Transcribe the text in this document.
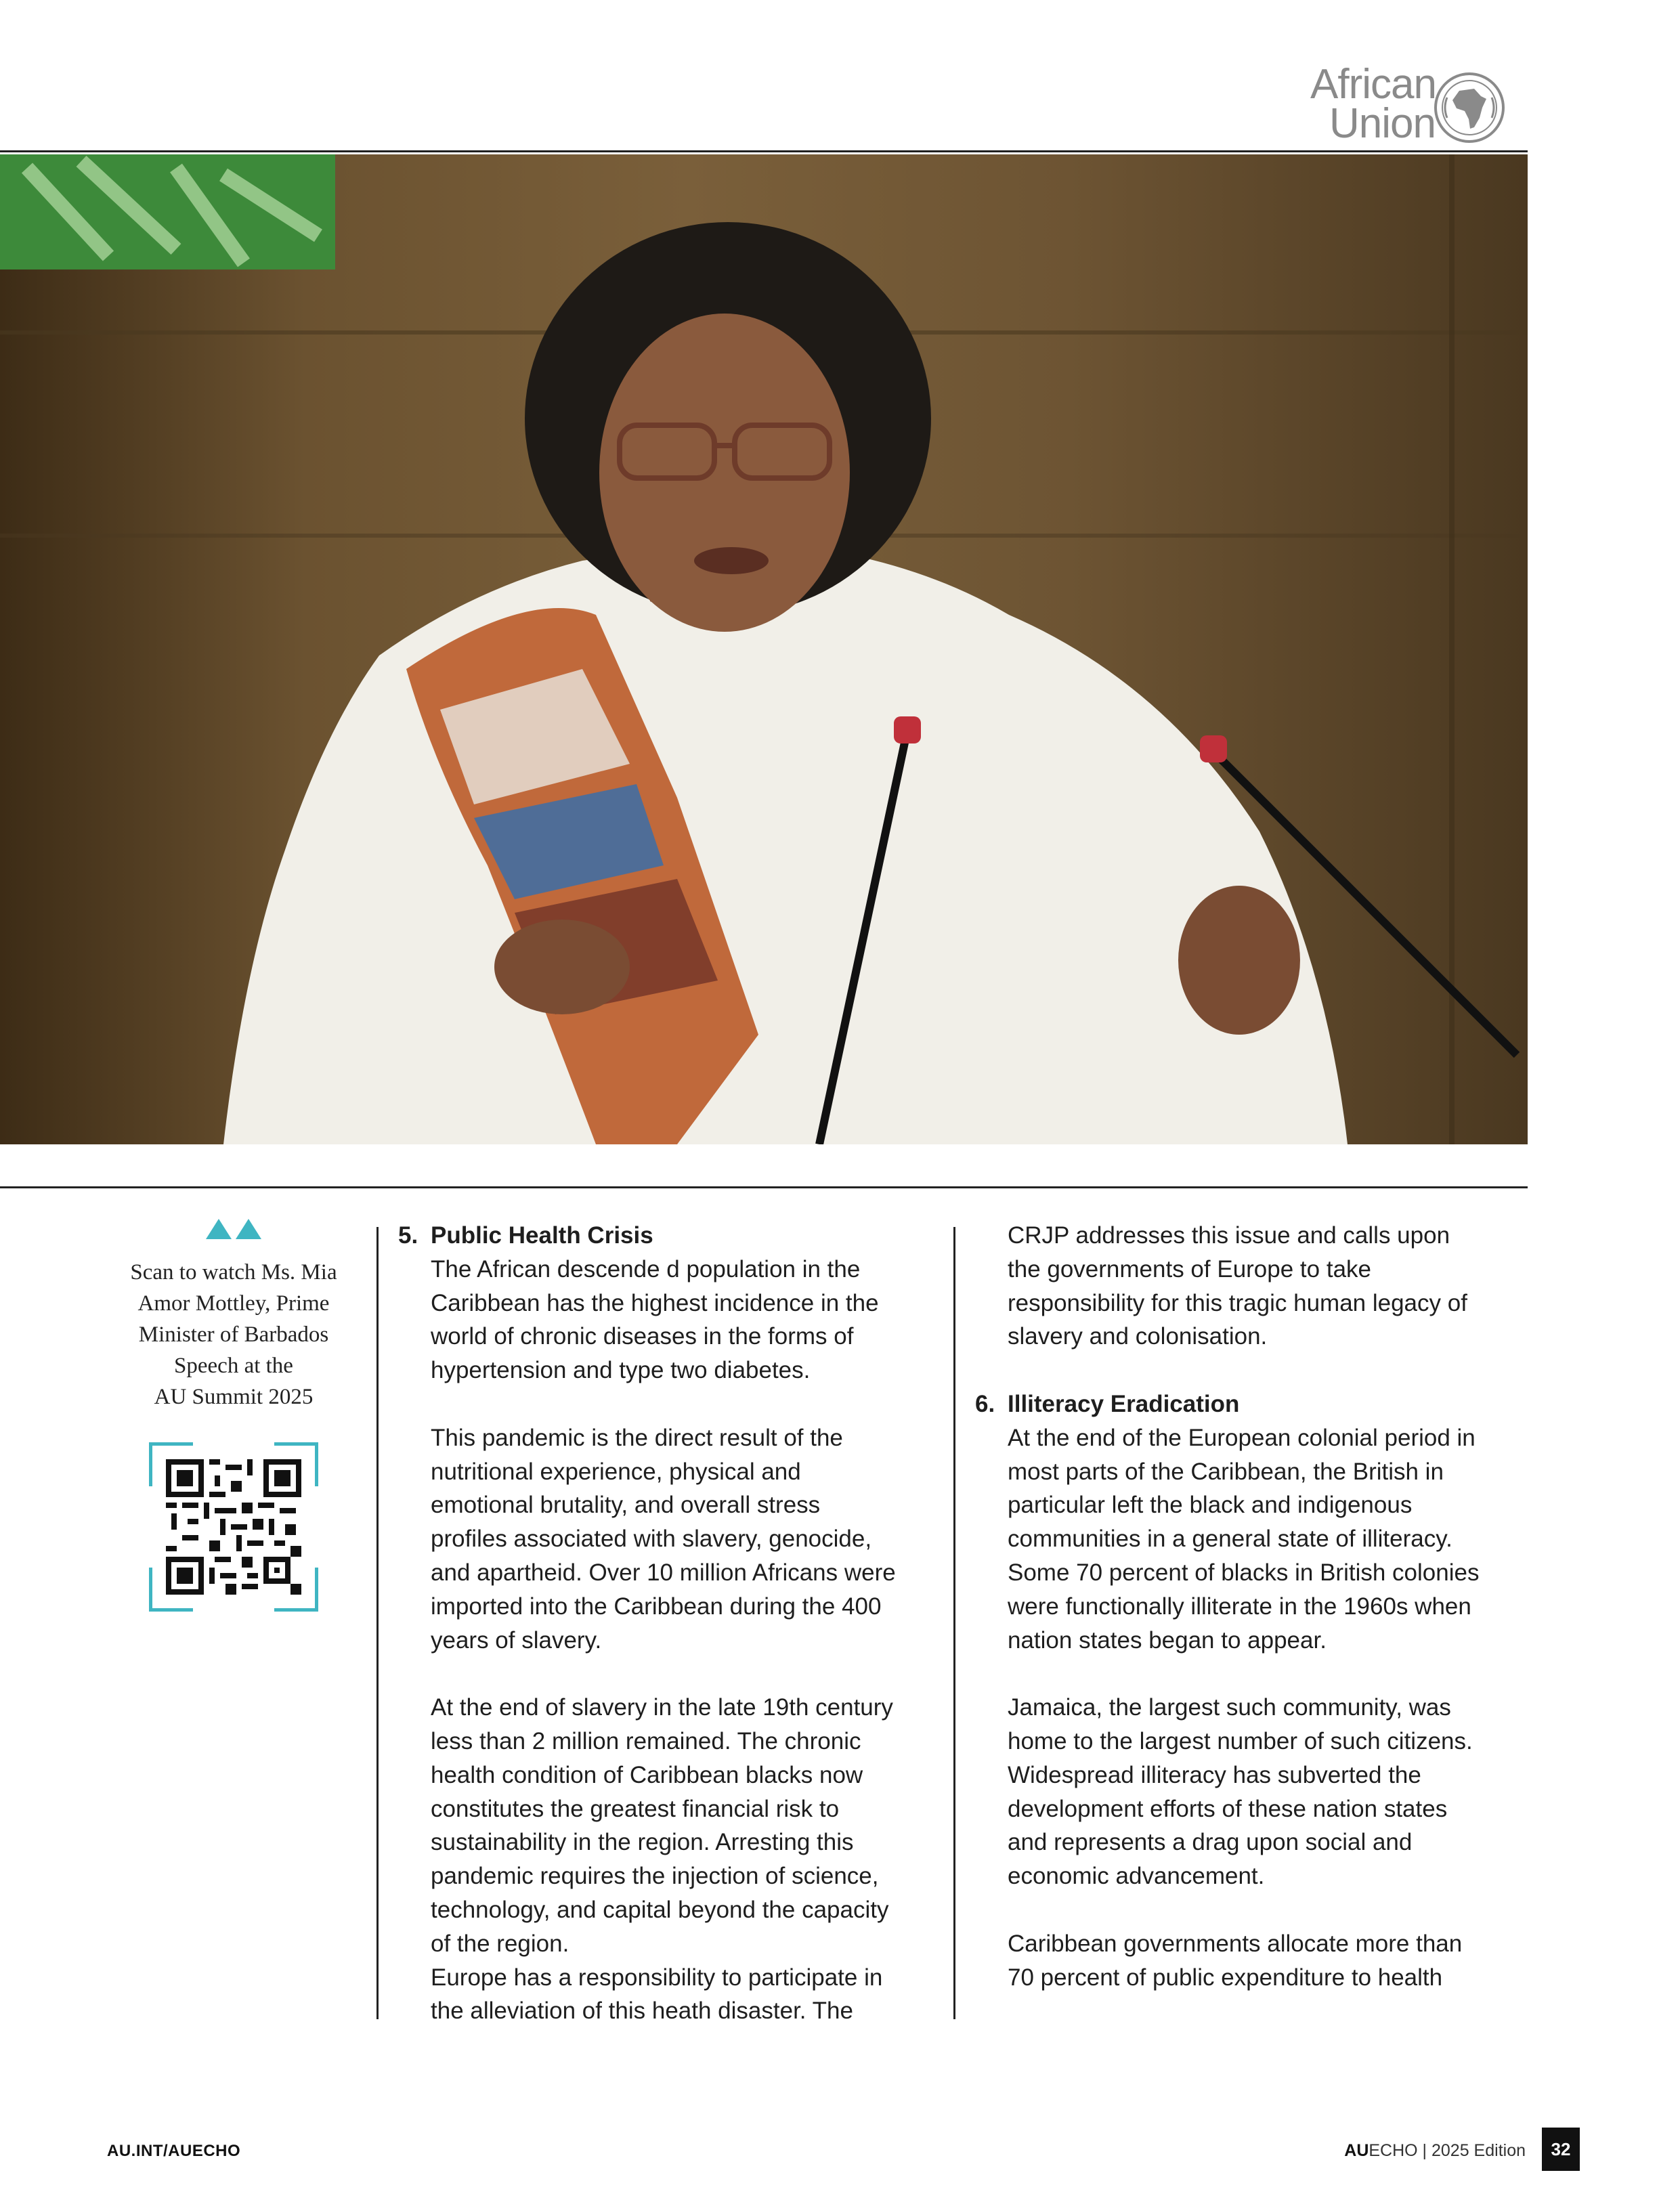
African
Union
Scan to watch Ms. Mia
Amor Mottley, Prime
Minister of Barbados
Speech at the
AU Summit 2025
5. Public Health Crisis
The African descende d population in the
Caribbean has the highest incidence in the
world of chronic diseases in the forms of
hypertension and type two diabetes.
This pandemic is the direct result of the
nutritional experience, physical and
emotional brutality, and overall stress
profiles associated with slavery, genocide,
and apartheid. Over 10 million Africans were
imported into the Caribbean during the 400
years of slavery.
At the end of slavery in the late 19th century
less than 2 million remained. The chronic
health condition of Caribbean blacks now
constitutes the greatest financial risk to
sustainability in the region. Arresting this
pandemic requires the injection of science,
technology, and capital beyond the capacity
of the region.
Europe has a responsibility to participate in
the alleviation of this heath disaster. The
CRJP addresses this issue and calls upon
the governments of Europe to take
responsibility for this tragic human legacy of
slavery and colonisation.
6. Illiteracy Eradication
At the end of the European colonial period in
most parts of the Caribbean, the British in
particular left the black and indigenous
communities in a general state of illiteracy.
Some 70 percent of blacks in British colonies
were functionally illiterate in the 1960s when
nation states began to appear.
Jamaica, the largest such community, was
home to the largest number of such citizens.
Widespread illiteracy has subverted the
development efforts of these nation states
and represents a drag upon social and
economic advancement.
Caribbean governments allocate more than
70 percent of public expenditure to health
AU.INT/AUECHO	AUECHO | 2025 Edition	32
